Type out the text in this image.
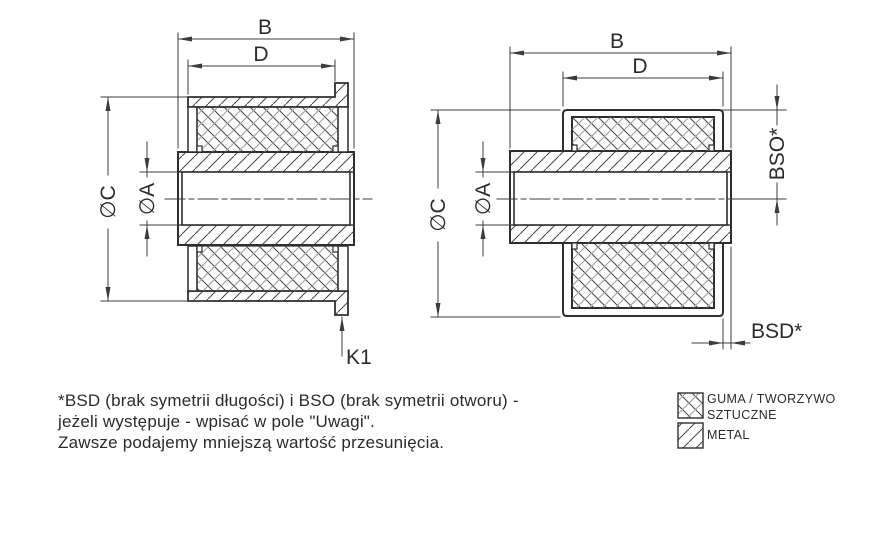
B
D
∅C ∅A
K1
B
D
∅C ∅A
BSO*
BSD*
*BSD (brak symetrii długości) i BSO (brak symetrii otworu) -
jeżeli występuje - wpisać w pole "Uwagi".
Zawsze podajemy mniejszą wartość przesunięcia.
GUMA / TWORZYWO
SZTUCZNE
METAL
